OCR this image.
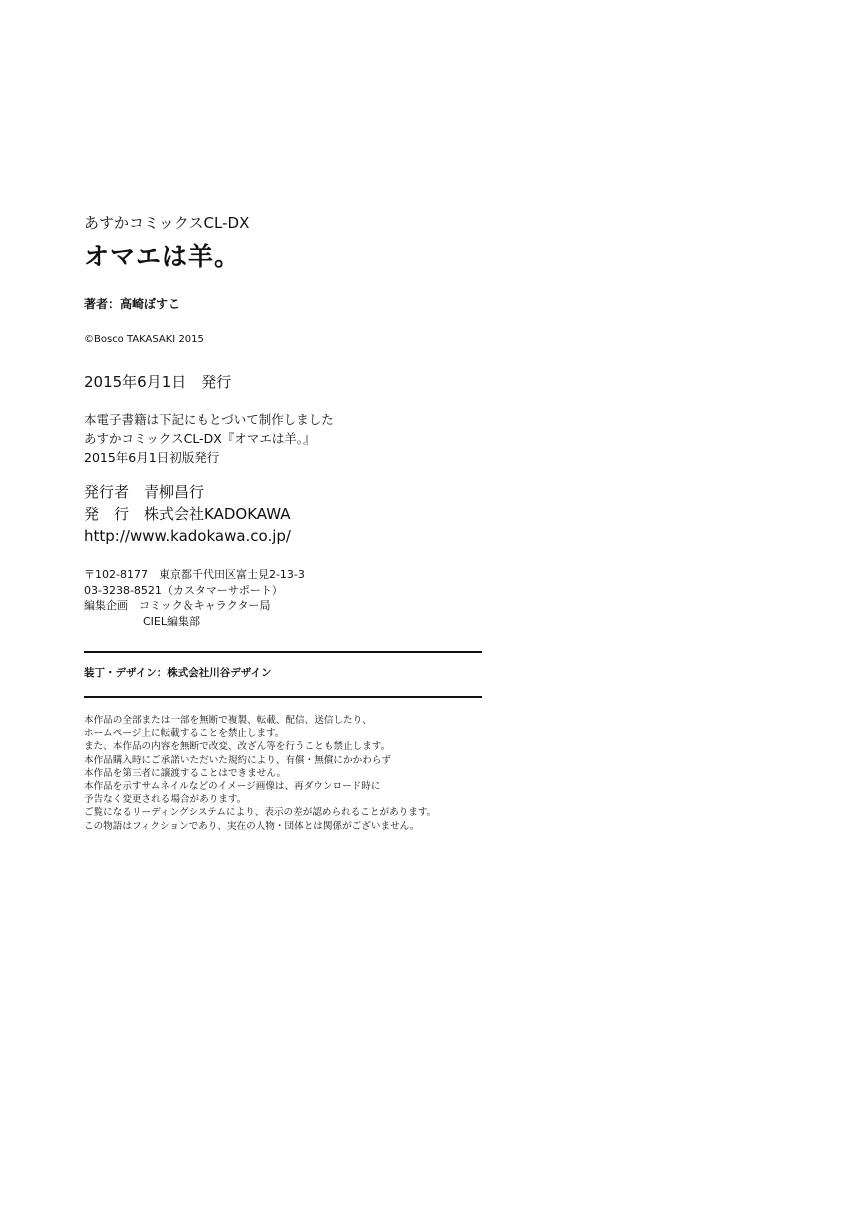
あすかコミックスCL-DX
オマエは羊。
著者：高崎ぼすこ
©Bosco TAKASAKI 2015
2015年6月1日　発行
本電子書籍は下記にもとづいて制作しました
あすかコミックスCL-DX『オマエは羊。』
2015年6月1日初版発行
発行者　青柳昌行
発　行　株式会社KADOKAWA
http://www.kadokawa.co.jp/
〒102-8177　東京都千代田区富士見2-13-3
03-3238-8521（カスタマーサポート）
編集企画　コミック＆キャラクター局
CIEL編集部
装丁・デザイン：株式会社川谷デザイン
本作品の全部または一部を無断で複製、転載、配信、送信したり、
ホームページ上に転載することを禁止します。
また、本作品の内容を無断で改変、改ざん等を行うことも禁止します。
本作品購入時にご承諾いただいた規約により、有償・無償にかかわらず
本作品を第三者に譲渡することはできません。
本作品を示すサムネイルなどのイメージ画像は、再ダウンロード時に
予告なく変更される場合があります。
ご覧になるリーディングシステムにより、表示の差が認められることがあります。
この物語はフィクションであり、実在の人物・団体とは関係がございません。
